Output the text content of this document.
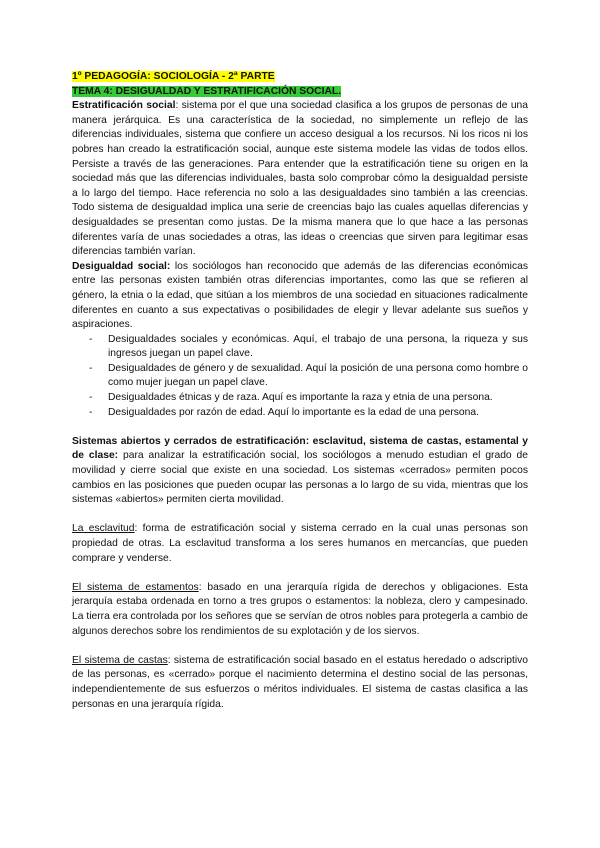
1º PEDAGOGÍA: SOCIOLOGÍA - 2ª PARTE

TEMA 4: DESIGUALDAD Y ESTRATIFICACIÓN SOCIAL.

Estratificación social: sistema por el que una sociedad clasifica a los grupos de personas de una manera jerárquica. Es una característica de la sociedad, no simplemente un reflejo de las diferencias individuales, sistema que confiere un acceso desigual a los recursos. Ni los ricos ni los pobres han creado la estratificación social, aunque este sistema modele las vidas de todos ellos. Persiste a través de las generaciones. Para entender que la estratificación tiene su origen en la sociedad más que las diferencias individuales, basta solo comprobar cómo la desigualdad persiste a lo largo del tiempo. Hace referencia no solo a las desigualdades sino también a las creencias. Todo sistema de desigualdad implica una serie de creencias bajo las cuales aquellas diferencias y desigualdades se presentan como justas. De la misma manera que lo que hace a las personas diferentes varía de unas sociedades a otras, las ideas o creencias que sirven para legitimar esas diferencias también varían.

Desigualdad social: los sociólogos han reconocido que además de las diferencias económicas entre las personas existen también otras diferencias importantes, como las que se refieren al género, la etnia o la edad, que sitúan a los miembros de una sociedad en situaciones radicalmente diferentes en cuanto a sus expectativas o posibilidades de elegir y llevar adelante sus sueños y aspiraciones.

- Desigualdades sociales y económicas. Aquí, el trabajo de una persona, la riqueza y sus ingresos juegan un papel clave.
- Desigualdades de género y de sexualidad. Aquí la posición de una persona como hombre o como mujer juegan un papel clave.
- Desigualdades étnicas y de raza. Aquí es importante la raza y etnia de una persona.
- Desigualdades por razón de edad. Aquí lo importante es la edad de una persona.

Sistemas abiertos y cerrados de estratificación: esclavitud, sistema de castas, estamental y de clase: para analizar la estratificación social, los sociólogos a menudo estudian el grado de movilidad y cierre social que existe en una sociedad. Los sistemas «cerrados» permiten pocos cambios en las posiciones que pueden ocupar las personas a lo largo de su vida, mientras que los sistemas «abiertos» permiten cierta movilidad.

La esclavitud: forma de estratificación social y sistema cerrado en la cual unas personas son propiedad de otras. La esclavitud transforma a los seres humanos en mercancías, que pueden comprare y venderse.

El sistema de estamentos: basado en una jerarquía rígida de derechos y obligaciones. Esta jerarquía estaba ordenada en torno a tres grupos o estamentos: la nobleza, clero y campesinado. La tierra era controlada por los señores que se servían de otros nobles para protegerla a cambio de algunos derechos sobre los rendimientos de su explotación y de los siervos.

El sistema de castas: sistema de estratificación social basado en el estatus heredado o adscriptivo de las personas, es «cerrado» porque el nacimiento determina el destino social de las personas, independientemente de sus esfuerzos o méritos individuales. El sistema de castas clasifica a las personas en una jerarquía rígida.
